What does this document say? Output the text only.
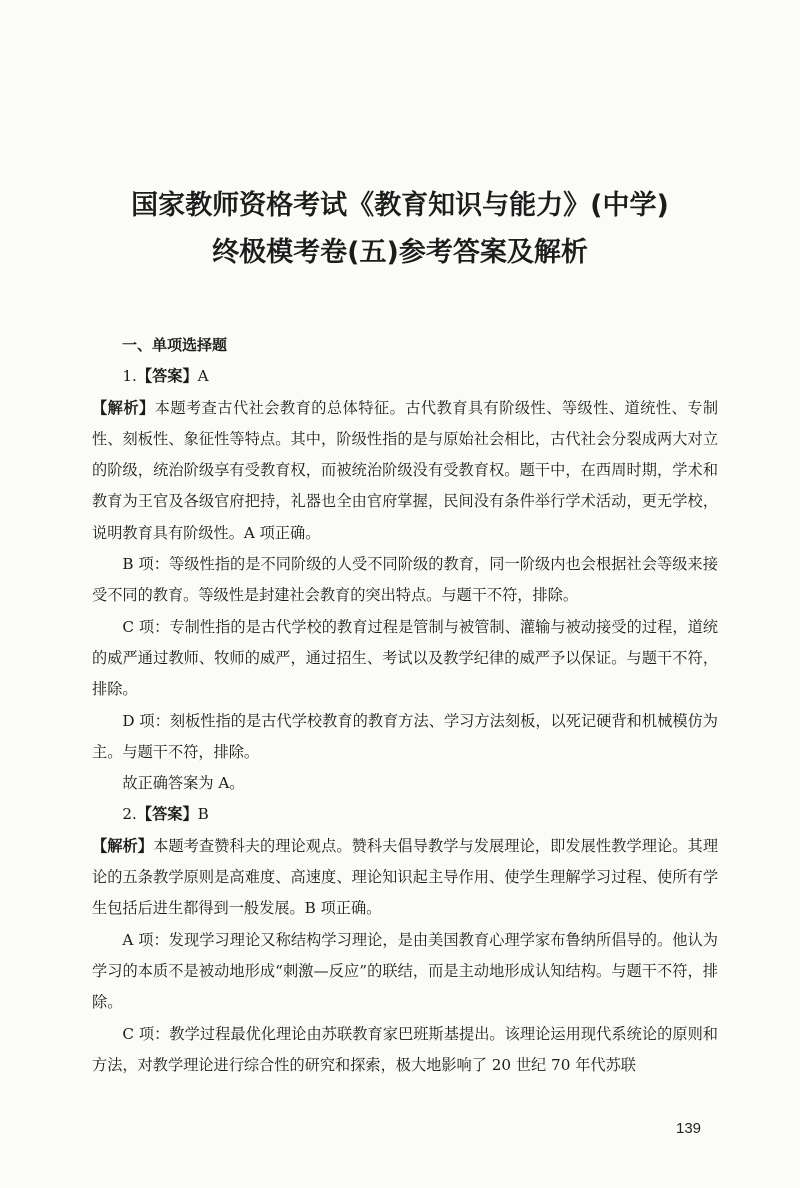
国家教师资格考试《教育知识与能力》(中学)
终极模考卷(五)参考答案及解析

一、单项选择题

1.【答案】A

【解析】本题考查古代社会教育的总体特征。古代教育具有阶级性、等级性、道统性、专制性、刻板性、象征性等特点。其中，阶级性指的是与原始社会相比，古代社会分裂成两大对立的阶级，统治阶级享有受教育权，而被统治阶级没有受教育权。题干中，在西周时期，学术和教育为王官及各级官府把持，礼器也全由官府掌握，民间没有条件举行学术活动，更无学校，说明教育具有阶级性。A 项正确。

B 项：等级性指的是不同阶级的人受不同阶级的教育，同一阶级内也会根据社会等级来接受不同的教育。等级性是封建社会教育的突出特点。与题干不符，排除。

C 项：专制性指的是古代学校的教育过程是管制与被管制、灌输与被动接受的过程，道统的威严通过教师、牧师的威严，通过招生、考试以及教学纪律的威严予以保证。与题干不符，排除。

D 项：刻板性指的是古代学校教育的教育方法、学习方法刻板，以死记硬背和机械模仿为主。与题干不符，排除。

故正确答案为 A。

2.【答案】B

【解析】本题考查赞科夫的理论观点。赞科夫倡导教学与发展理论，即发展性教学理论。其理论的五条教学原则是高难度、高速度、理论知识起主导作用、使学生理解学习过程、使所有学生包括后进生都得到一般发展。B 项正确。

A 项：发现学习理论又称结构学习理论，是由美国教育心理学家布鲁纳所倡导的。他认为学习的本质不是被动地形成“刺激—反应”的联结，而是主动地形成认知结构。与题干不符，排除。

C 项：教学过程最优化理论由苏联教育家巴班斯基提出。该理论运用现代系统论的原则和方法，对教学理论进行综合性的研究和探索，极大地影响了 20 世纪 70 年代苏联

139
